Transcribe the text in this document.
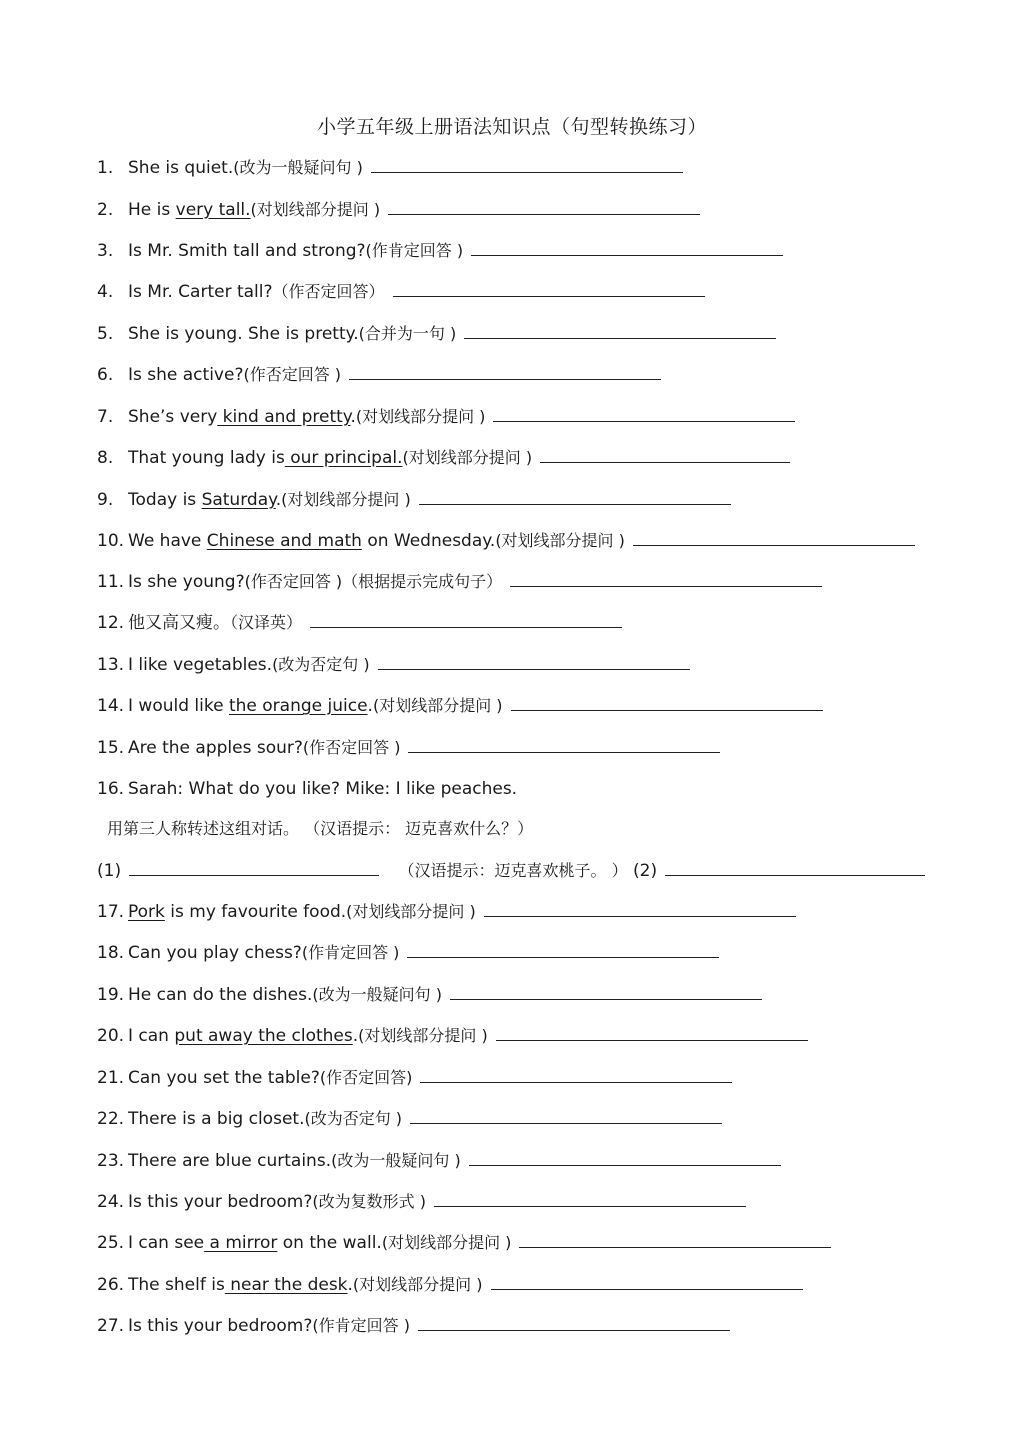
小学五年级上册语法知识点（句型转换练习）
1. She is quiet.(改为一般疑问句 )
2. He is very tall.(对划线部分提问 )
3. Is Mr. Smith tall and strong?(作肯定回答 )
4. Is Mr. Carter tall?（作否定回答）
5. She is young. She is pretty.(合并为一句 )
6. Is she active?(作否定回答 )
7. She’s very kind and pretty.(对划线部分提问 )
8. That young lady is our principal.(对划线部分提问 )
9. Today is Saturday.(对划线部分提问 )
10. We have Chinese and math on Wednesday.(对划线部分提问 )
11. Is she young?(作否定回答 )（根据提示完成句子）
12. 他又高又瘦。（汉译英）
13. I like vegetables.(改为否定句 )
14. I would like the orange juice.(对划线部分提问 )
15. Are the apples sour?(作否定回答 )
16. Sarah: What do you like? Mike: I like peaches.
17. Pork is my favourite food.(对划线部分提问 )
18. Can you play chess?(作肯定回答 )
19. He can do the dishes.(改为一般疑问句 )
20. I can put away the clothes.(对划线部分提问 )
21. Can you set the table?(作否定回答)
22. There is a big closet.(改为否定句 )
23. There are blue curtains.(改为一般疑问句 )
24. Is this your bedroom?(改为复数形式 )
25. I can see a mirror on the wall.(对划线部分提问 )
26. The shelf is near the desk.(对划线部分提问 )
27. Is this your bedroom?(作肯定回答 )
用第三人称转述这组对话。 （汉语提示： 迈克喜欢什么？）
(1)	（汉语提示：迈克喜欢桃子。 ） (2)
